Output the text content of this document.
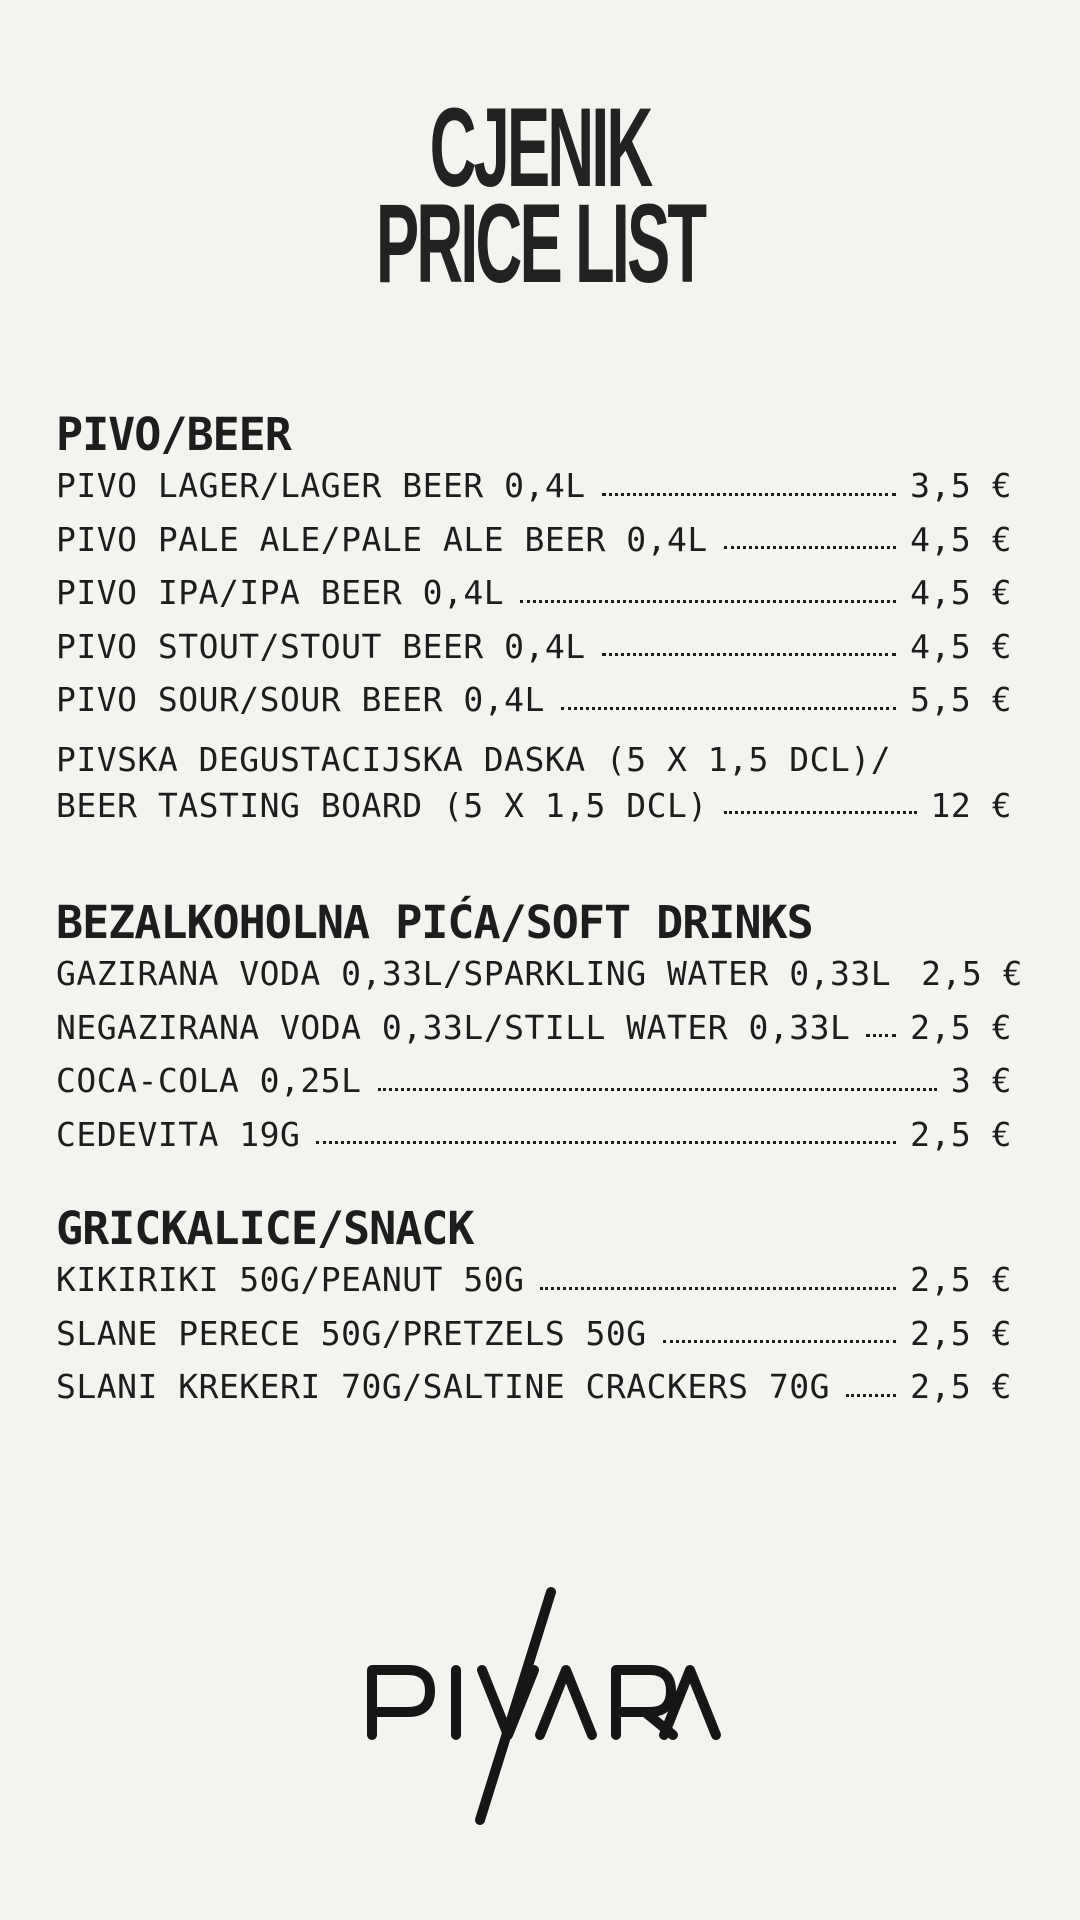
CJENIK
PRICE LIST
PIVO/BEER
PIVO LAGER/LAGER BEER 0,4L	3,5 €
PIVO PALE ALE/PALE ALE BEER 0,4L	4,5 €
PIVO IPA/IPA BEER 0,4L	4,5 €
PIVO STOUT/STOUT BEER 0,4L	4,5 €
PIVO SOUR/SOUR BEER 0,4L	5,5 €
PIVSKA DEGUSTACIJSKA DASKA (5 X 1,5 DCL)/
BEER TASTING BOARD (5 X 1,5 DCL)	12 €
BEZALKOHOLNA PIĆA/SOFT DRINKS
GAZIRANA VODA 0,33L/SPARKLING WATER 0,33L 2,5 €
NEGAZIRANA VODA 0,33L/STILL WATER 0,33L 2,5 €
COCA-COLA 0,25L	3 €
CEDEVITA 19G	2,5 €
GRICKALICE/SNACK
KIKIRIKI 50G/PEANUT 50G	2,5 €
SLANE PERECE 50G/PRETZELS 50G	2,5 €
SLANI KREKERI 70G/SALTINE CRACKERS 70G 2,5 €
